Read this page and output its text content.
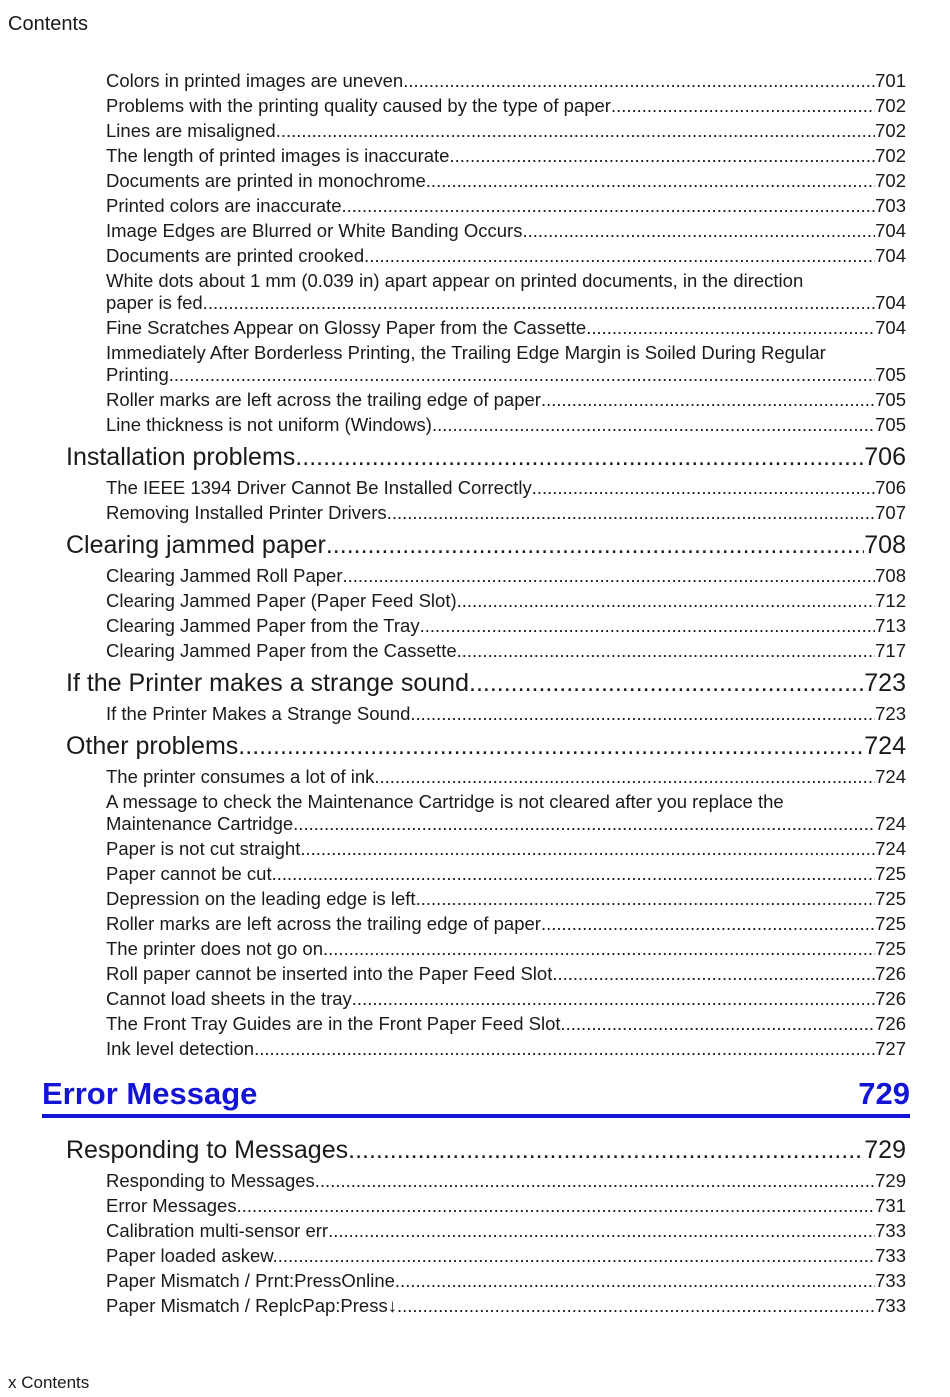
Contents
Colors in printed images are uneven .....	701
Problems with the printing quality caused by the type of paper .....	702
Lines are misaligned .....	702
The length of printed images is inaccurate .....	702
Documents are printed in monochrome .....	702
Printed colors are inaccurate .....	703
Image Edges are Blurred or White Banding Occurs .....	704
Documents are printed crooked .....	704
White dots about 1 mm (0.039 in) apart appear on printed documents, in the direction
paper is fed. .....	704
Fine Scratches Appear on Glossy Paper from the Cassette .....	704
Immediately After Borderless Printing, the Trailing Edge Margin is Soiled During Regular
Printing .....	705
Roller marks are left across the trailing edge of paper .....	705
Line thickness is not uniform (Windows) .....	705
Installation problems .....	706
The IEEE 1394 Driver Cannot Be Installed Correctly .....	706
Removing Installed Printer Drivers .....	707
Clearing jammed paper .....	708
Clearing Jammed Roll Paper .....	708
Clearing Jammed Paper (Paper Feed Slot) .....	712
Clearing Jammed Paper from the Tray .....	713
Clearing Jammed Paper from the Cassette .....	717
If the Printer makes a strange sound .....	723
If the Printer Makes a Strange Sound .....	723
Other problems .....	724
The printer consumes a lot of ink .....	724
A message to check the Maintenance Cartridge is not cleared after you replace the
Maintenance Cartridge .....	724
Paper is not cut straight .....	724
Paper cannot be cut .....	725
Depression on the leading edge is left .....	725
Roller marks are left across the trailing edge of paper .....	725
The printer does not go on .....	725
Roll paper cannot be inserted into the Paper Feed Slot .....	726
Cannot load sheets in the tray .....	726
The Front Tray Guides are in the Front Paper Feed Slot. .....	726
Ink level detection .....	727
Error Message	729
Responding to Messages .....	729
Responding to Messages .....	729
Error Messages .....	731
Calibration multi-sensor err .....	733
Paper loaded askew. .....	733
Paper Mismatch / Prnt:PressOnline .....	733
Paper Mismatch / ReplcPap:Press↓ .....	733
x Contents
